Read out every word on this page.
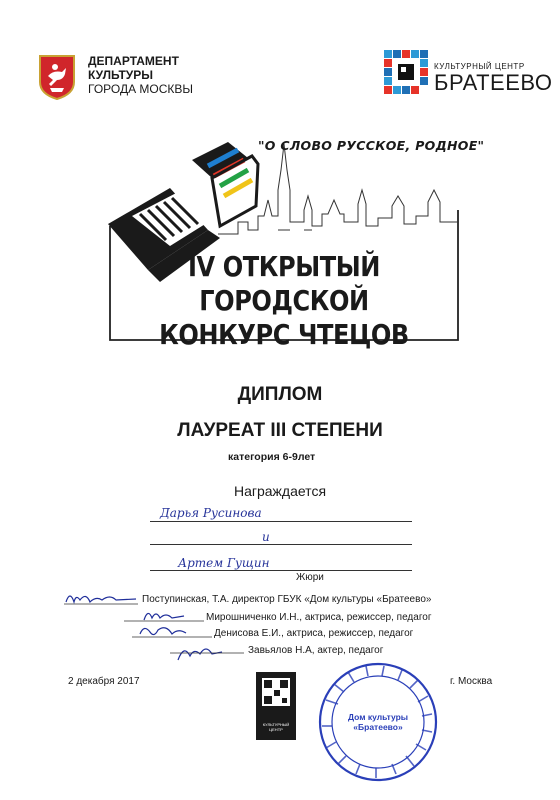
ДЕПАРТАМЕНТ
КУЛЬТУРЫ
ГОРОДА МОСКВЫ
КУЛЬТУРНЫЙ ЦЕНТР
БРАТЕЕВО
"О СЛОВО РУССКОЕ, РОДНОЕ"
IV ОТКРЫТЫЙ ГОРОДСКОЙ
КОНКУРС ЧТЕЦОВ
ДИПЛОМ
ЛАУРЕАТ III СТЕПЕНИ
категория 6-9лет
Награждается
Дарья Русинова
и
Артем Гущин
Жюри
Поступинская, Т.А. директор ГБУК «Дом культуры «Братеево»
Мирошниченко И.Н., актриса, режиссер, педагог
Денисова Е.И., актриса, режиссер, педагог
Завьялов Н.А, актер, педагог
2 декабря 2017	г. Москва
КУЛЬТУРНЫЙ ЦЕНТР
Дом культуры «Братеево»
